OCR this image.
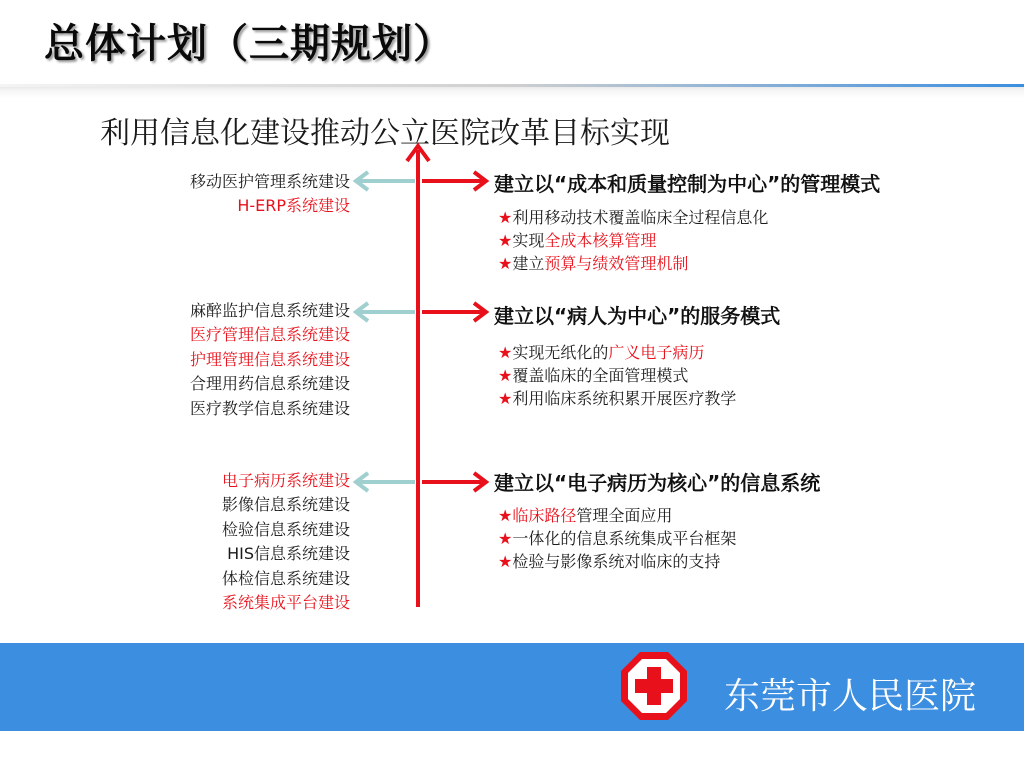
总体计划（三期规划）
利用信息化建设推动公立医院改革目标实现
移动医护管理系统建设
H-ERP系统建设
麻醉监护信息系统建设
医疗管理信息系统建设
护理管理信息系统建设
合理用药信息系统建设
医疗教学信息系统建设
电子病历系统建设
影像信息系统建设
检验信息系统建设
HIS信息系统建设
体检信息系统建设
系统集成平台建设
建立以“成本和质量控制为中心”的管理模式
★利用移动技术覆盖临床全过程信息化
★实现全成本核算管理
★建立预算与绩效管理机制
建立以“病人为中心”的服务模式
★实现无纸化的广义电子病历
★覆盖临床的全面管理模式
★利用临床系统积累开展医疗教学
建立以“电子病历为核心”的信息系统
★临床路径管理全面应用
★一体化的信息系统集成平台框架
★检验与影像系统对临床的支持
东莞市人民医院
